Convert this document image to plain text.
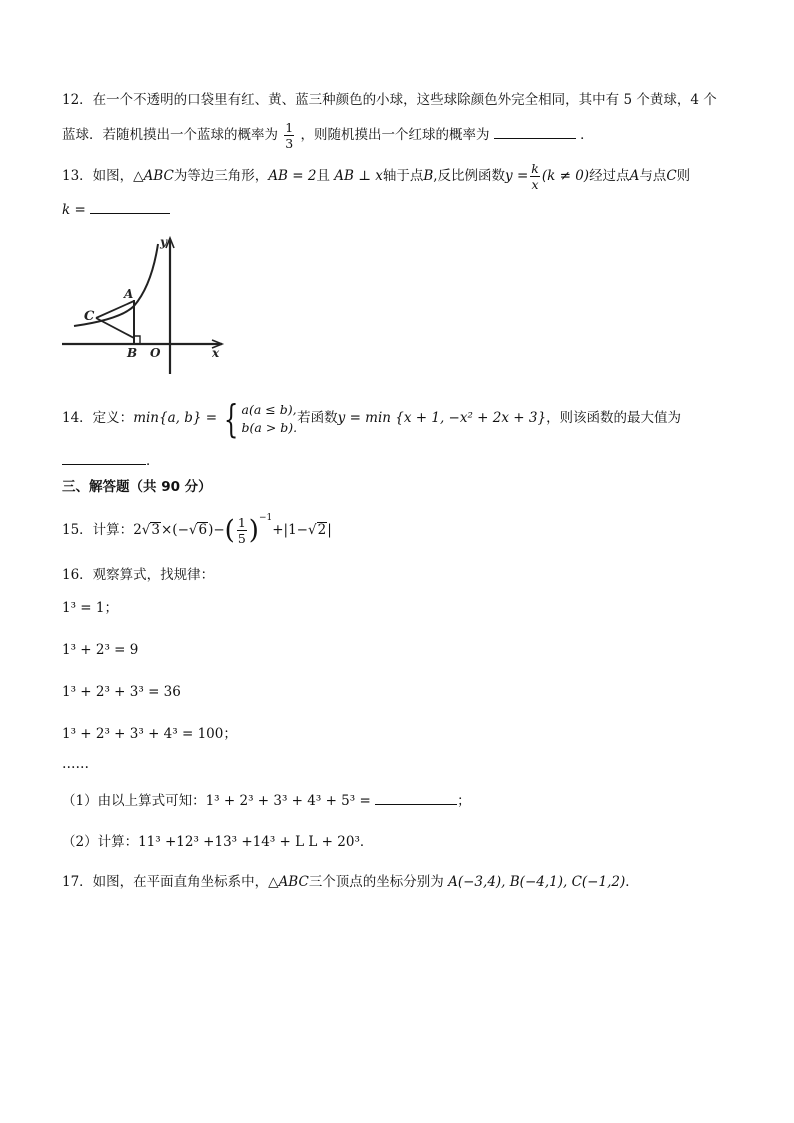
12．在一个不透明的口袋里有红、黄、蓝三种颜色的小球，这些球除颜色外完全相同，其中有 5 个黄球，4 个
蓝球．若随机摸出一个蓝球的概率为 $\frac{1}{3}$ ，则随机摸出一个红球的概率为	．
13．如图，△ABC为等边三角形，AB = 2且 AB ⊥ x轴于点B,反比例函数$y = \frac{k}{x} (k \ne 0)$经过点A与点C则
k =
y
A
C
B O	x
14．定义：min{a, b} = { a(a ≤ b),
b(a > b).
若函数y = min {x + 1, −x² + 2x + 3}，则该函数的最大值为
．
三、解答题（共 90 分）
15．计算：$2√3\times(-√6)-( \frac{1}{5} )^{-1}+|1-√2|$
16．观察算式，找规律：
1³ = 1；
1³ + 2³ = 9
1³ + 2³ + 3³ = 36
1³ + 2³ + 3³ + 4³ = 100；
……
（1）由以上算式可知：1³ + 2³ + 3³ + 4³ + 5³ =	；
（2）计算：11³ +12³ +13³ +14³ + L L + 20³．
17．如图，在平面直角坐标系中，△ABC三个顶点的坐标分别为 A(−3,4), B(−4,1), C(−1,2)．
